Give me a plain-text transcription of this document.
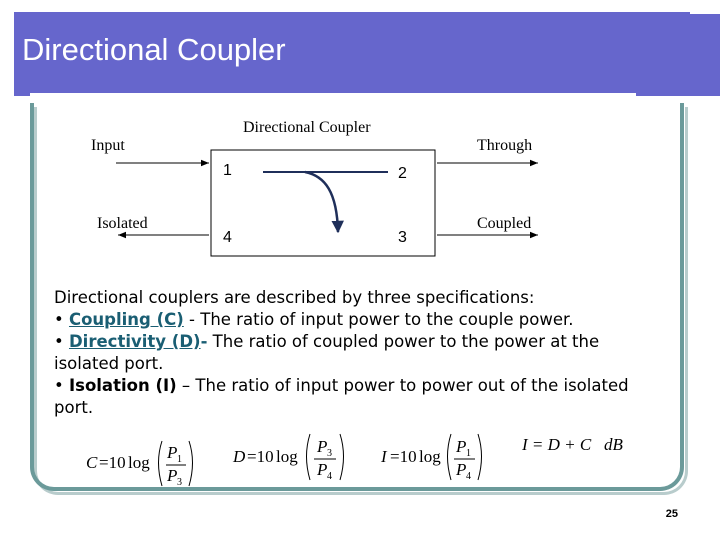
Directional Coupler
Directional Coupler
1	2
3
4
Input
Isolated
Through
Coupled

Directional couplers are described by three specifications:

• Coupling (C) - The ratio of input power to the couple power.

• Directivity (D)- The ratio of coupled power to the power at the isolated port.

• Isolation (I) – The ratio of input power to power out of the isolated port.

C =10 log
P 1
P 3
D =10 log
P 3
P 4
I =10 log
P 1
P 4
I = D + C dB
25
